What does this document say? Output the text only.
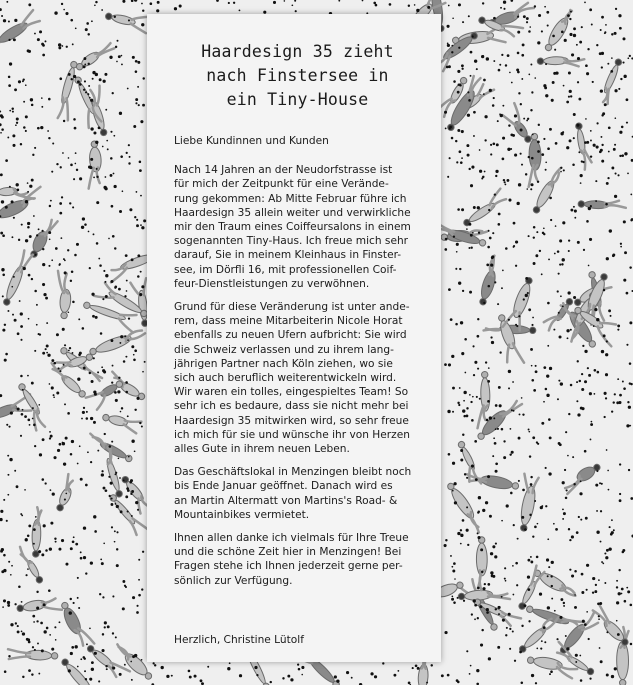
Haardesign 35 zieht
nach Finstersee in
ein Tiny-House
Liebe Kundinnen und Kunden
Nach 14 Jahren an der Neudorfstrasse ist
für mich der Zeitpunkt für eine Verände-
rung gekommen: Ab Mitte Februar führe ich
Haardesign 35 allein weiter und verwirkliche
mir den Traum eines Coiffeursalons in einem
sogenannten Tiny-Haus. Ich freue mich sehr
darauf, Sie in meinem Kleinhaus in Finster-
see, im Dörfli 16, mit professionellen Coif-
feur-Dienstleistungen zu verwöhnen.
Grund für diese Veränderung ist unter ande-
rem, dass meine Mitarbeiterin Nicole Horat
ebenfalls zu neuen Ufern aufbricht: Sie wird
die Schweiz verlassen und zu ihrem lang-
jährigen Partner nach Köln ziehen, wo sie
sich auch beruflich weiterentwickeln wird.
Wir waren ein tolles, eingespieltes Team! So
sehr ich es bedaure, dass sie nicht mehr bei
Haardesign 35 mitwirken wird, so sehr freue
ich mich für sie und wünsche ihr von Herzen
alles Gute in ihrem neuen Leben.
Das Geschäftslokal in Menzingen bleibt noch
bis Ende Januar geöffnet. Danach wird es
an Martin Altermatt von Martins's Road- &
Mountainbikes vermietet.
Ihnen allen danke ich vielmals für Ihre Treue
und die schöne Zeit hier in Menzingen! Bei
Fragen stehe ich Ihnen jederzeit gerne per-
sönlich zur Verfügung.
Herzlich, Christine Lütolf
